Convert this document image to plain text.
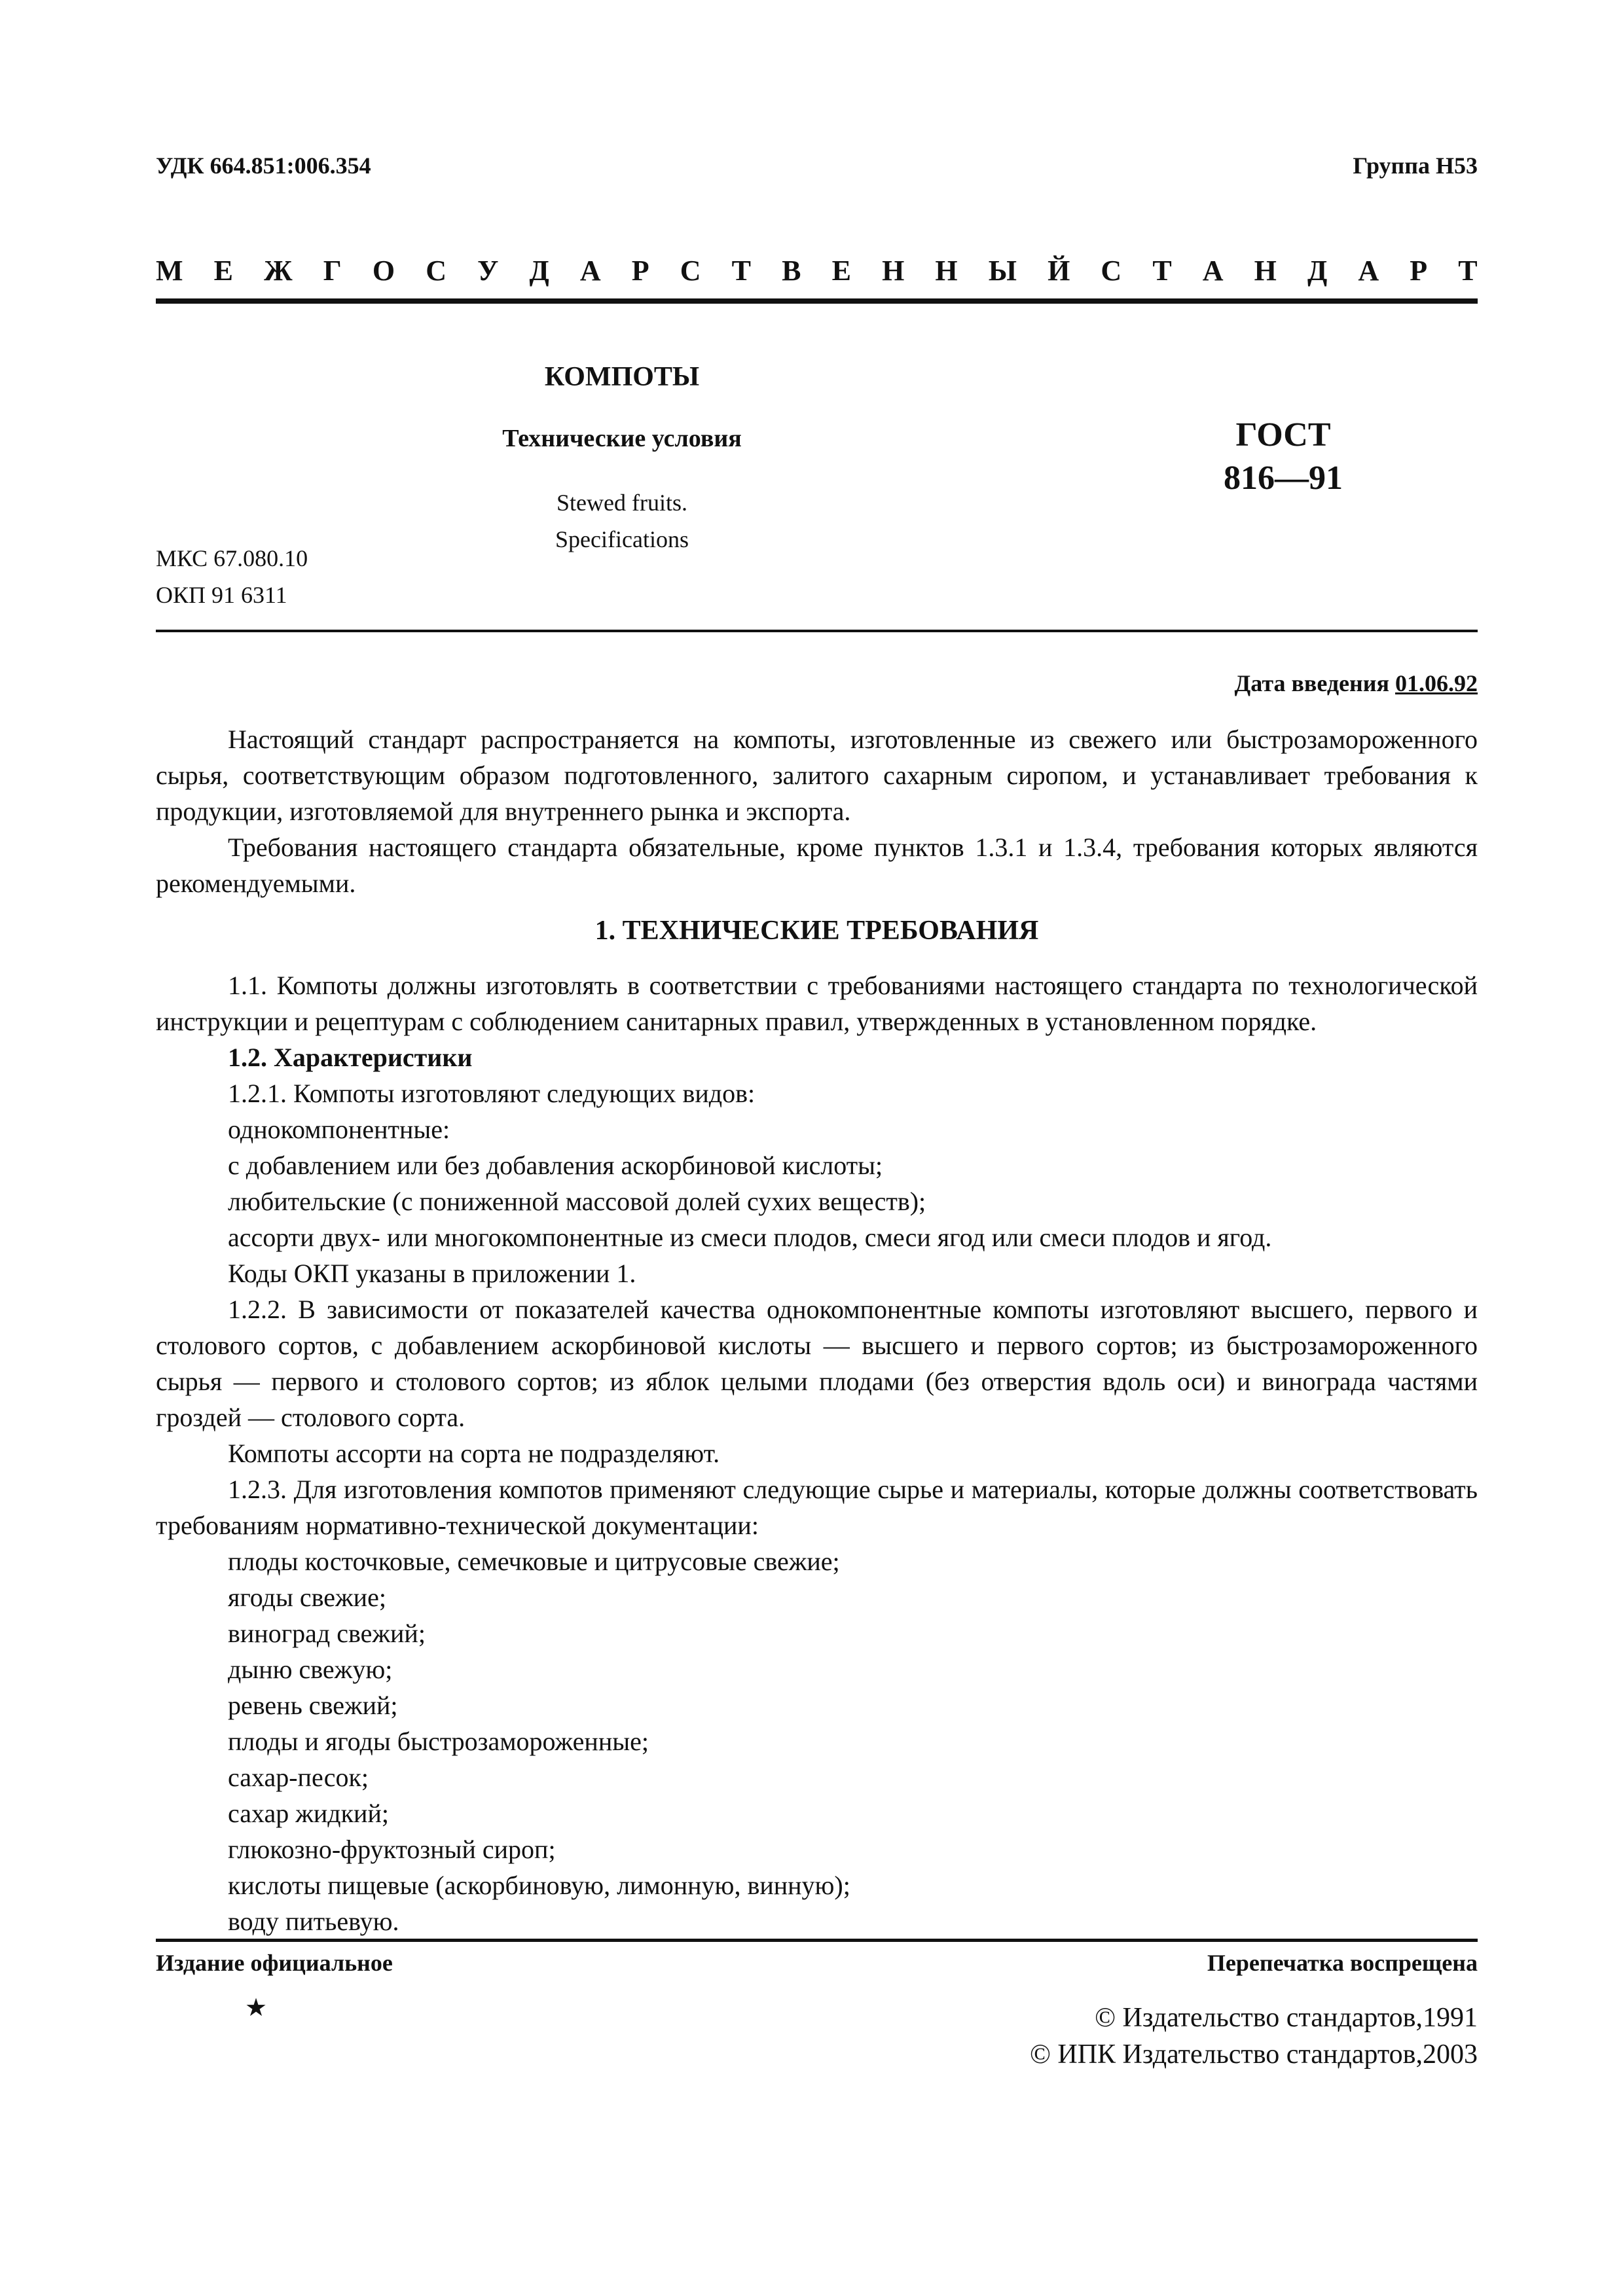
УДК 664.851:006.354	Группа Н53
М Е Ж Г О С У Д А Р С Т В Е Н Н Ы Й С Т А Н Д А Р Т
КОМПОТЫ
Технические условия
Stewed fruits.
Specifications
ГОСТ
816—91
МКС 67.080.10
ОКП 91 6311
Дата введения 01.06.92

Настоящий стандарт распространяется на компоты, изготовленные из свежего или быстрозамороженного сырья, соответствующим образом подготовленного, залитого сахарным сиропом, и устанавливает требования к продукции, изготовляемой для внутреннего рынка и экспорта.

Требования настоящего стандарта обязательные, кроме пунктов 1.3.1 и 1.3.4, требования которых являются рекомендуемыми.

1. ТЕХНИЧЕСКИЕ ТРЕБОВАНИЯ

1.1. Компоты должны изготовлять в соответствии с требованиями настоящего стандарта по технологической инструкции и рецептурам с соблюдением санитарных правил, утвержденных в установленном порядке.

1.2. Характеристики

1.2.1. Компоты изготовляют следующих видов:

однокомпонентные:

с добавлением или без добавления аскорбиновой кислоты;

любительские (с пониженной массовой долей сухих веществ);

ассорти двух- или многокомпонентные из смеси плодов, смеси ягод или смеси плодов и ягод.

Коды ОКП указаны в приложении 1.

1.2.2. В зависимости от показателей качества однокомпонентные компоты изготовляют высшего, первого и столового сортов, с добавлением аскорбиновой кислоты — высшего и первого сортов; из быстрозамороженного сырья — первого и столового сортов; из яблок целыми плодами (без отверстия вдоль оси) и винограда частями гроздей — столового сорта.

Компоты ассорти на сорта не подразделяют.

1.2.3. Для изготовления компотов применяют следующие сырье и материалы, которые должны соответствовать требованиям нормативно-технической документации:

плоды косточковые, семечковые и цитрусовые свежие;

ягоды свежие;

виноград свежий;

дыню свежую;

ревень свежий;

плоды и ягоды быстрозамороженные;

сахар-песок;

сахар жидкий;

глюкозно-фруктозный сироп;

кислоты пищевые (аскорбиновую, лимонную, винную);

воду питьевую.

Издание официальное	Перепечатка воспрещена
★	© Издательство стандартов,1991
© ИПК Издательство стандартов,2003
